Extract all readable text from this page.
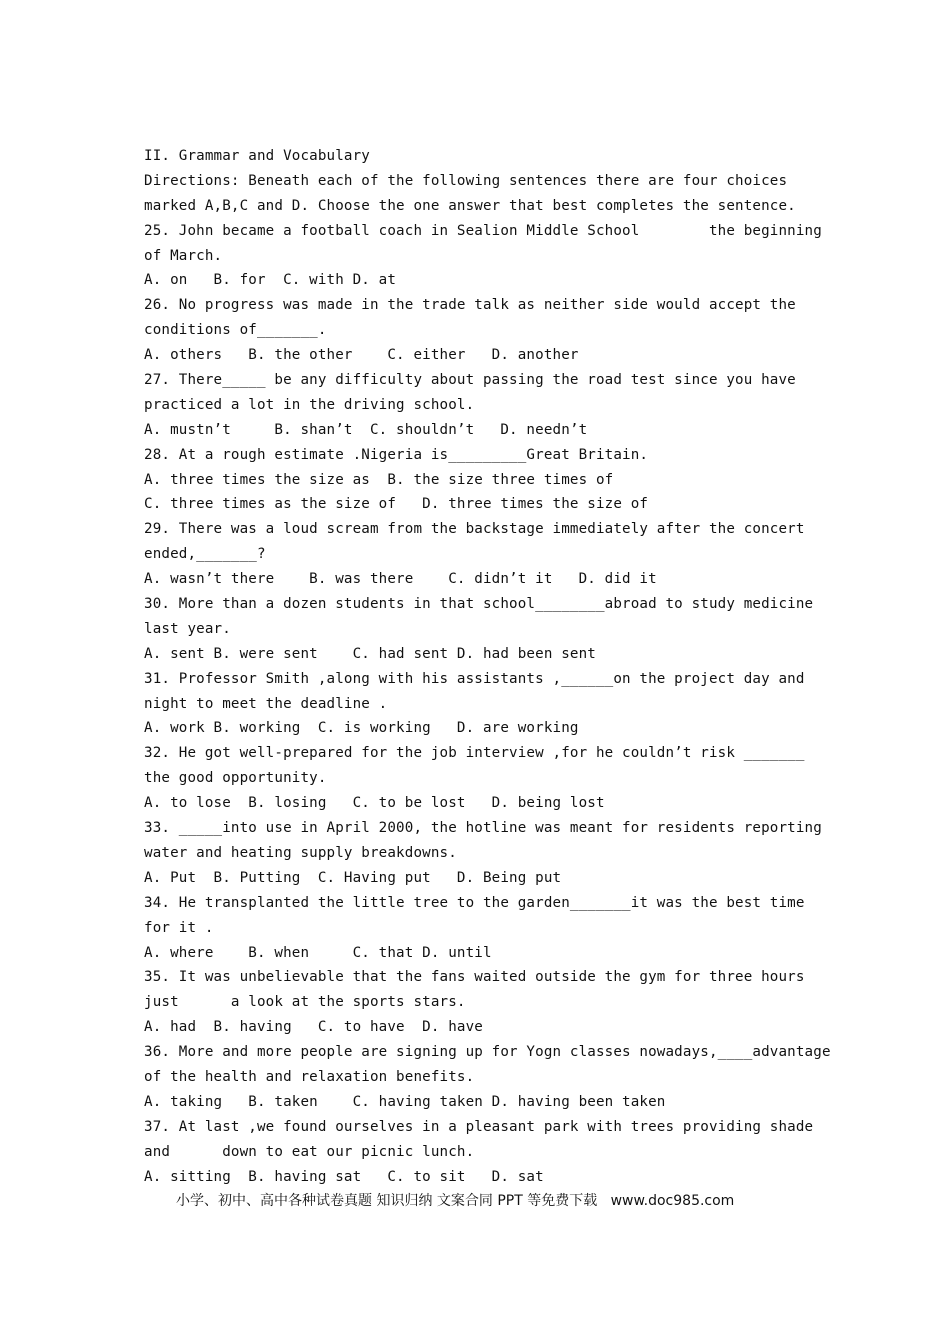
II. Grammar and Vocabulary
Directions: Beneath each of the following sentences there are four choices
marked A,B,C and D. Choose the one answer that best completes the sentence.
25. John became a football coach in Sealion Middle School        the beginning
of March.
A. on   B. for  C. with D. at
26. No progress was made in the trade talk as neither side would accept the
conditions of_______.
A. others   B. the other    C. either   D. another
27. There_____ be any difficulty about passing the road test since you have
practiced a lot in the driving school.
A. mustn’t     B. shan’t  C. shouldn’t   D. needn’t
28. At a rough estimate .Nigeria is_________Great Britain.
A. three times the size as  B. the size three times of
C. three times as the size of   D. three times the size of
29. There was a loud scream from the backstage immediately after the concert
ended,_______?
A. wasn’t there    B. was there    C. didn’t it   D. did it
30. More than a dozen students in that school________abroad to study medicine
last year.
A. sent B. were sent    C. had sent D. had been sent
31. Professor Smith ,along with his assistants ,______on the project day and
night to meet the deadline .
A. work B. working  C. is working   D. are working
32. He got well-prepared for the job interview ,for he couldn’t risk _______
the good opportunity.
A. to lose  B. losing   C. to be lost   D. being lost
33. _____into use in April 2000, the hotline was meant for residents reporting
water and heating supply breakdowns.
A. Put  B. Putting  C. Having put   D. Being put
34. He transplanted the little tree to the garden_______it was the best time
for it .
A. where    B. when     C. that D. until
35. It was unbelievable that the fans waited outside the gym for three hours
just      a look at the sports stars.
A. had  B. having   C. to have  D. have
36. More and more people are signing up for Yogn classes nowadays,____advantage
of the health and relaxation benefits.
A. taking   B. taken    C. having taken D. having been taken
37. At last ,we found ourselves in a pleasant park with trees providing shade
and      down to eat our picnic lunch.
A. sitting  B. having sat   C. to sit   D. sat
小学、初中、高中各种试卷真题 知识归纳 文案合同 PPT 等免费下载   www.doc985.com
